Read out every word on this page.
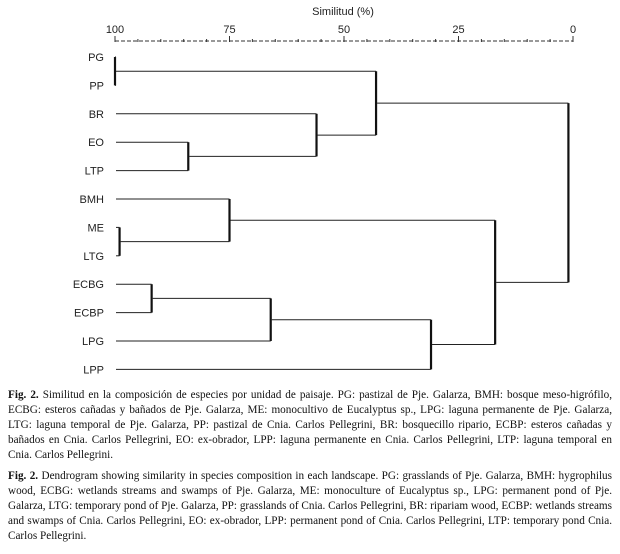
Similitud (%)
100	75	50	25	0
PG
PP
BR
EO
LTP
BMH
ME
LTG
ECBG
ECBP
LPG
LPP

Fig. 2. Similitud en la composición de especies por unidad de paisaje. PG: pastizal de Pje. Galarza, BMH: bosque meso-higrófilo, ECBG: esteros cañadas y bañados de Pje. Galarza, ME: monocultivo de Eucalyptus sp., LPG: laguna permanente de Pje. Galarza, LTG: laguna temporal de Pje. Galarza, PP: pastizal de Cnia. Carlos Pellegrini, BR: bosquecillo ripario, ECBP: esteros cañadas y bañados en Cnia. Carlos Pellegrini, EO: ex-obrador, LPP: laguna permanente en Cnia. Carlos Pellegrini, LTP: laguna temporal en Cnia. Carlos Pellegrini.

Fig. 2. Dendrogram showing similarity in species composition in each landscape. PG: grasslands of Pje. Galarza, BMH: hygrophilus wood, ECBG: wetlands streams and swamps of Pje. Galarza, ME: monoculture of Eucalyptus sp., LPG: permanent pond of Pje. Galarza, LTG: temporary pond of Pje. Galarza, PP: grasslands of Cnia. Carlos Pellegrini, BR: ripariam wood, ECBP: wetlands streams and swamps of Cnia. Carlos Pellegrini, EO: ex-obrador, LPP: permanent pond of Cnia. Carlos Pellegrini, LTP: temporary pond Cnia. Carlos Pellegrini.
